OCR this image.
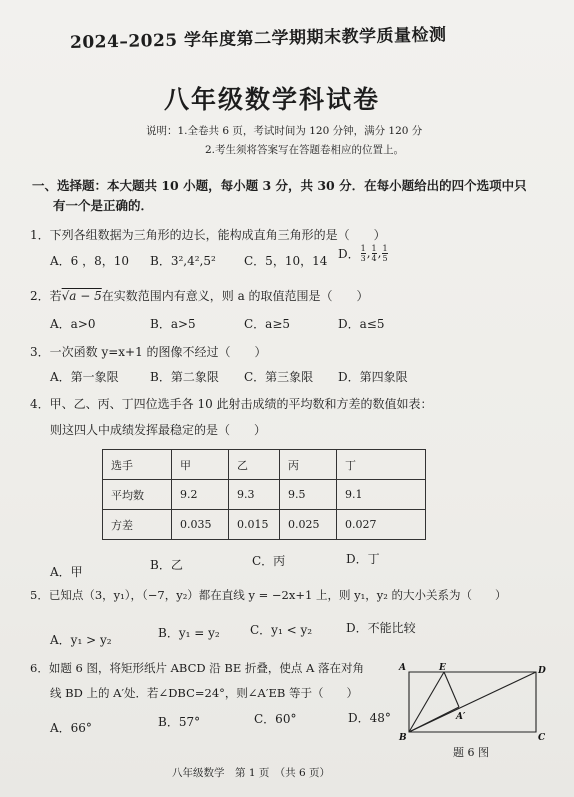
2024–2025 学年度第二学期期末教学质量检测
八年级数学科试卷
说明：1.全卷共 6 页，考试时间为 120 分钟，满分 120 分
2.考生须将答案写在答题卷相应的位置上。
一、选择题：本大题共 10 小题，每小题 3 分，共 30 分．在每小题给出的四个选项中只
有一个是正确的．
1．下列各组数据为三角形的边长，能构成直角三角形的是（　　）
A．6 ，8，10 B．3²,4²,5² C．5，10，14 D． $\frac{1}{3}$ , $\frac{1}{4}$ , $\frac{1}{5}$
2．若√a − 5在实数范围内有意义，则 a 的取值范围是（　　）
A．a>0	B．a>5	C．a≥5	D．a≤5
3．一次函数 y=x+1 的图像不经过（　　）
A．第一象限	B．第二象限 C．第三象限 D．第四象限
4．甲、乙、丙、丁四位选手各 10 此射击成绩的平均数和方差的数值如表：
则这四人中成绩发挥最稳定的是（　　）
选手	甲	乙	丙	丁
平均数	9.2	9.3	9.5	9.1
方差	0.035	0.015	0.025	0.027
A．甲	B．乙	C．丙	D．丁
5．已知点（3，y₁），（−7，y₂）都在直线 y = −2x+1 上，则 y₁，y₂ 的大小关系为（　　）
A．y₁ > y₂	B．y₁ = y₂	C．y₁ < y₂	D．不能比较
6．如题 6 图，将矩形纸片 ABCD 沿 BE 折叠，使点 A 落在对角
线 BD 上的 A′处．若∠DBC=24°，则∠A′EB 等于（　　）
A．66°	B．57°	C．60°	D．48°
A	E	D
A′
B	C
题 6 图
八年级数学　第 1 页　（共 6 页）
